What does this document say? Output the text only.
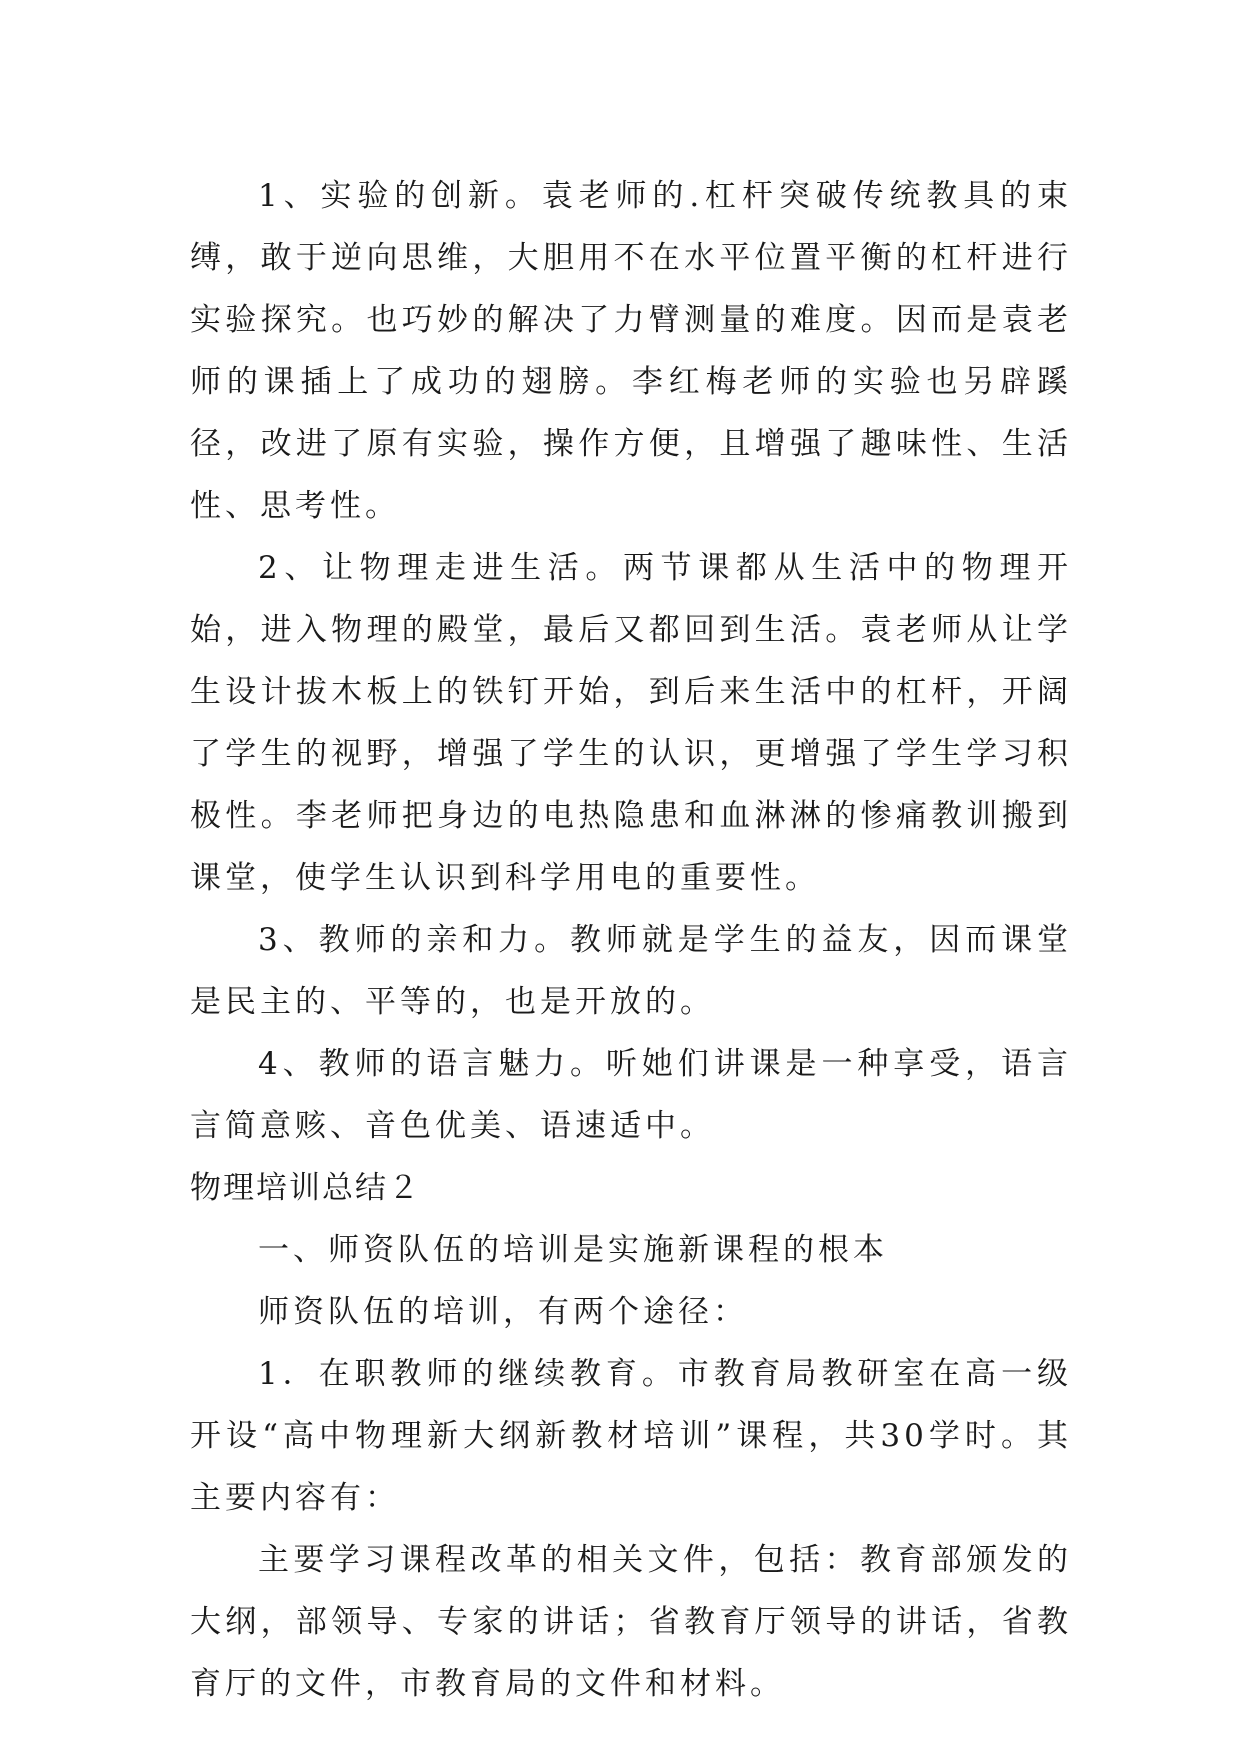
1、实验的创新。袁老师的.杠杆突破传统教具的束缚，敢于逆向思维，大胆用不在水平位置平衡的杠杆进行实验探究。也巧妙的解决了力臂测量的难度。因而是袁老师的课插上了成功的翅膀。李红梅老师的实验也另辟蹊径，改进了原有实验，操作方便，且增强了趣味性、生活性、思考性。

2、让物理走进生活。两节课都从生活中的物理开始，进入物理的殿堂，最后又都回到生活。袁老师从让学生设计拔木板上的铁钉开始，到后来生活中的杠杆，开阔了学生的视野，增强了学生的认识，更增强了学生学习积极性。李老师把身边的电热隐患和血淋淋的惨痛教训搬到课堂，使学生认识到科学用电的重要性。

3、教师的亲和力。教师就是学生的益友，因而课堂是民主的、平等的，也是开放的。

4、教师的语言魅力。听她们讲课是一种享受，语言言简意赅、音色优美、语速适中。

物理培训总结２

一、师资队伍的培训是实施新课程的根本

师资队伍的培训，有两个途径：

1．在职教师的继续教育。市教育局教研室在高一级开设“高中物理新大纲新教材培训”课程，共30学时。其主要内容有：

主要学习课程改革的相关文件，包括：教育部颁发的大纲，部领导、专家的讲话；省教育厅领导的讲话，省教育厅的文件，市教育局的文件和材料。
